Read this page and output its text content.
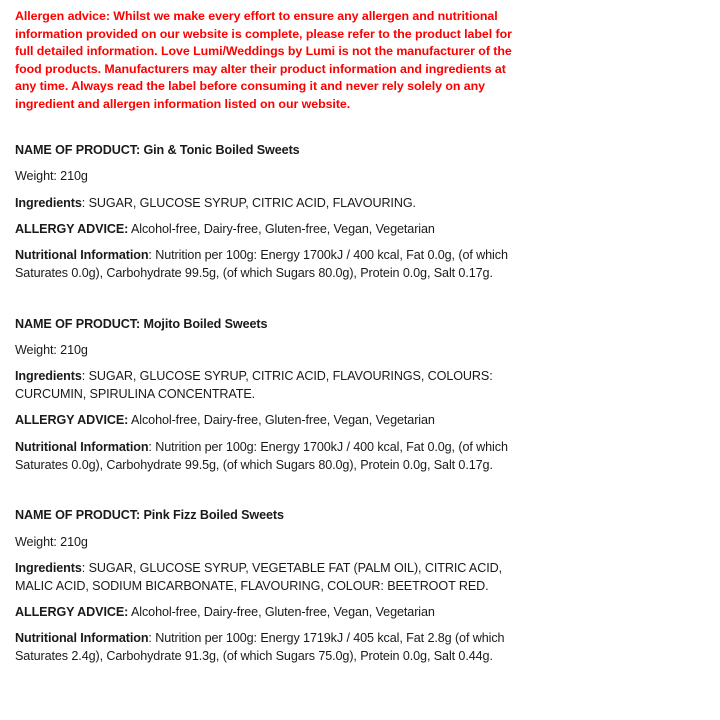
Allergen advice: Whilst we make every effort to ensure any allergen and nutritional information provided on our website is complete, please refer to the product label for full detailed information. Love Lumi/Weddings by Lumi is not the manufacturer of the food products. Manufacturers may alter their product information and ingredients at any time. Always read the label before consuming it and never rely solely on any ingredient and allergen information listed on our website.

NAME OF PRODUCT: Gin & Tonic Boiled Sweets

Weight: 210g

Ingredients: SUGAR, GLUCOSE SYRUP, CITRIC ACID, FLAVOURING.

ALLERGY ADVICE: Alcohol-free, Dairy-free, Gluten-free, Vegan, Vegetarian

Nutritional Information: Nutrition per 100g: Energy 1700kJ / 400 kcal, Fat 0.0g, (of which Saturates 0.0g), Carbohydrate 99.5g, (of which Sugars 80.0g), Protein 0.0g, Salt 0.17g.

NAME OF PRODUCT: Mojito Boiled Sweets

Weight: 210g

Ingredients: SUGAR, GLUCOSE SYRUP, CITRIC ACID, FLAVOURINGS, COLOURS: CURCUMIN, SPIRULINA CONCENTRATE.

ALLERGY ADVICE: Alcohol-free, Dairy-free, Gluten-free, Vegan, Vegetarian

Nutritional Information: Nutrition per 100g: Energy 1700kJ / 400 kcal, Fat 0.0g, (of which Saturates 0.0g), Carbohydrate 99.5g, (of which Sugars 80.0g), Protein 0.0g, Salt 0.17g.

NAME OF PRODUCT: Pink Fizz Boiled Sweets

Weight: 210g

Ingredients: SUGAR, GLUCOSE SYRUP, VEGETABLE FAT (PALM OIL), CITRIC ACID, MALIC ACID, SODIUM BICARBONATE, FLAVOURING, COLOUR: BEETROOT RED.

ALLERGY ADVICE: Alcohol-free, Dairy-free, Gluten-free, Vegan, Vegetarian

Nutritional Information: Nutrition per 100g: Energy 1719kJ / 405 kcal, Fat 2.8g (of which Saturates 2.4g), Carbohydrate 91.3g, (of which Sugars 75.0g), Protein 0.0g, Salt 0.44g.
